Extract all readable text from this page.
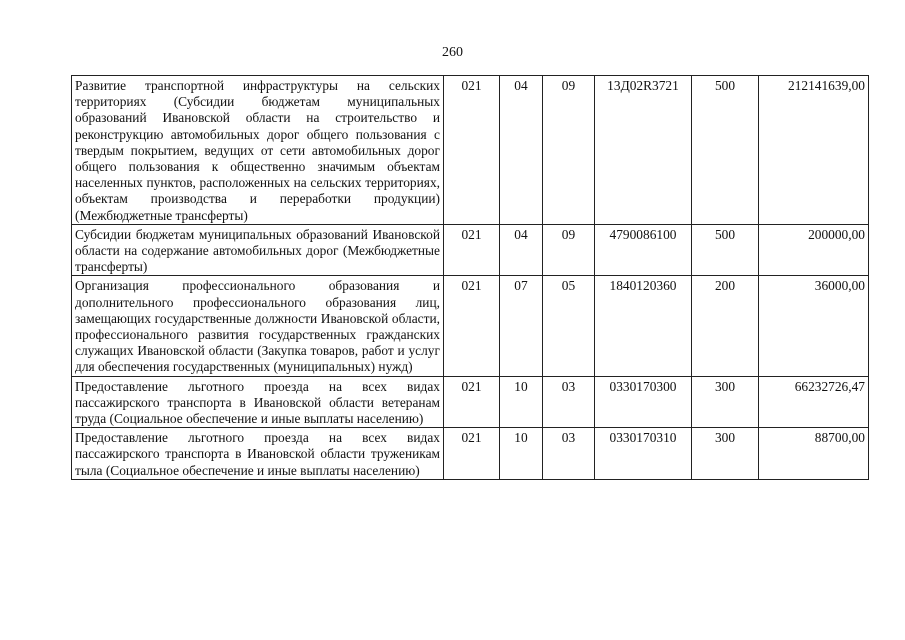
260
Развитие транспортной инфраструктуры на сельских территориях (Субсидии бюджетам муниципальных образований Ивановской области на строительство и реконструкцию автомобильных дорог общего пользования с твердым покрытием, ведущих от сети автомобильных дорог общего пользования к общественно значимым объектам населенных пунктов, расположенных на сельских территориях, объектам производства и переработки продукции) (Межбюджетные трансферты)	021	04	09	13Д02R3721	500	212141639,00
Субсидии бюджетам муниципальных образований Ивановской области на содержание автомобильных дорог (Межбюджетные трансферты)	021	04	09	4790086100	500	200000,00
Организация профессионального образования и дополнительного профессионального образования лиц, замещающих государственные должности Ивановской области, профессионального развития государственных гражданских служащих Ивановской области (Закупка товаров, работ и услуг для обеспечения государственных (муниципальных) нужд)	021	07	05	1840120360	200	36000,00
Предоставление льготного проезда на всех видах пассажирского транспорта в Ивановской области ветеранам труда (Социальное обеспечение и иные выплаты населению)	021	10	03	0330170300	300	66232726,47
Предоставление льготного проезда на всех видах пассажирского транспорта в Ивановской области труженикам тыла (Социальное обеспечение и иные выплаты населению)	021	10	03	0330170310	300	88700,00
